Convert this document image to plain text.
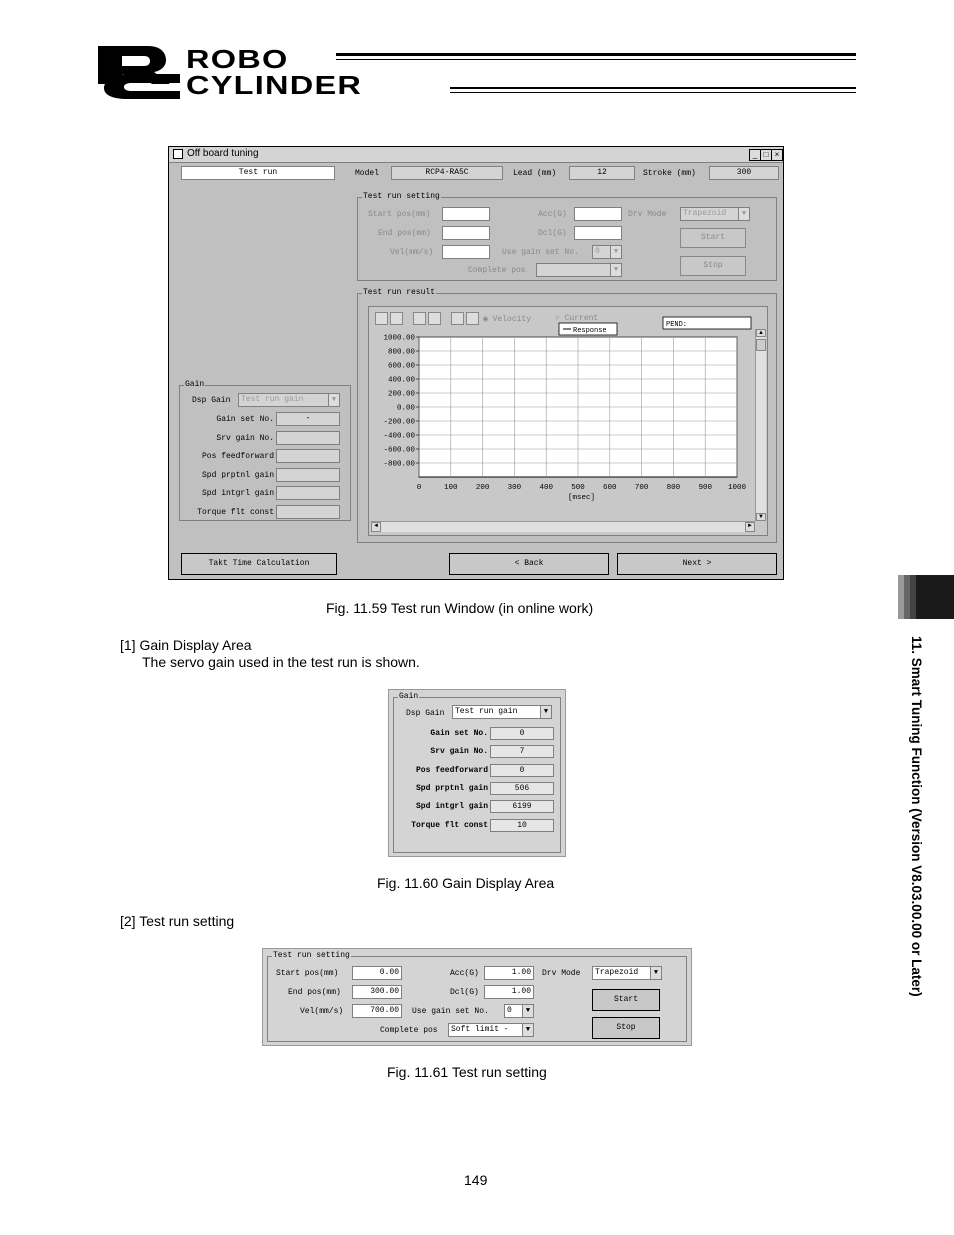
ROBO
CYLINDER
Off board tuning	_ □ ×
Test run	Model	RCP4-RA5C	Lead (mm)	12	Stroke (mm)	300
Test run setting
Start pos(mm)
End pos(mm)
Vel(mm/s)
Acc(G)
Dcl(G)
Use gain set No.	0	▼
Complete pos	▼
Drv Mode	Trapezoid	▼
Start
Stop
Test run result
◉ Velocity	○ Current
0	100 200 300 400 500 600 700 800 900 1000
1000.00
800.00
600.00
400.00
200.00
0.00
-200.00
-400.00
-600.00
-800.00
[msec]
Response
PEND:
▲
▼
◄	►
Gain
Dsp Gain	Test run gain	▼
Gain set No.	-
Srv gain No.
Pos feedforward
Spd prptnl gain
Spd intgrl gain
Torque flt const
Takt Time Calculation	< Back	Next >
Fig. 11.59 Test run Window (in online work)
[1] Gain Display Area
The servo gain used in the test run is shown.
Gain
Dsp Gain	Test run gain	▼
Gain set No.	0
Srv gain No.	7
Pos feedforward	0
Spd prptnl gain	506
Spd intgrl gain	6199
Torque flt const	10
Fig. 11.60 Gain Display Area
[2] Test run setting
Test run setting
Start pos(mm)	0.00
End pos(mm)	300.00
Vel(mm/s)	700.00
Acc(G)	1.00
Dcl(G)	1.00
Use gain set No.	0	▼
Complete pos	Soft limit -	▼
Drv Mode	Trapezoid	▼
Start
Stop
Fig. 11.61 Test run setting
11. Smart Tuning Function (Version V8.03.00.00 or Later)
149
